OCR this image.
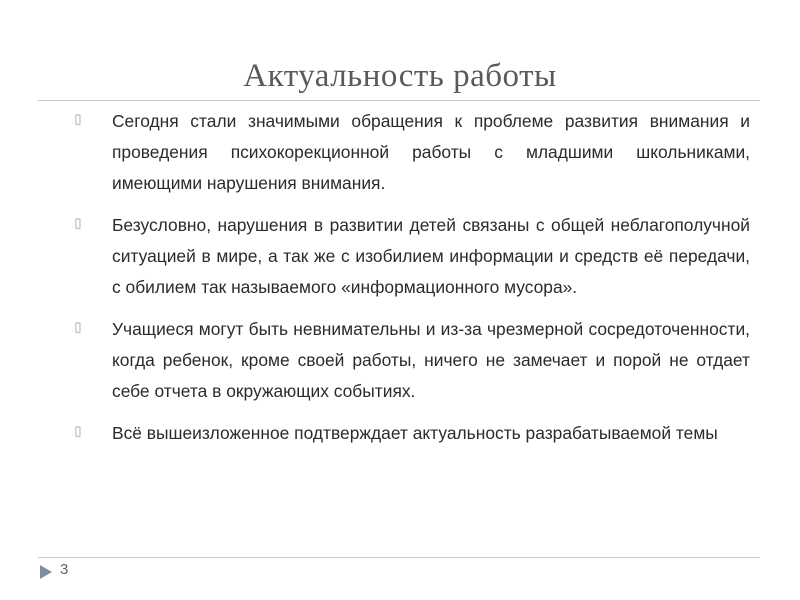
Актуальность работы
▯ Сегодня стали значимыми обращения к проблеме развития внимания и проведения психокорекционной работы с младшими школьниками, имеющими нарушения внимания.
▯ Безусловно, нарушения в развитии детей связаны с общей неблагополучной ситуацией в мире, а так же с изобилием информации и средств её передачи, с обилием так называемого «информационного мусора».
▯ Учащиеся могут быть невнимательны и из-за чрезмерной сосредоточенности, когда ребенок, кроме своей работы, ничего не замечает и порой не отдает себе отчета в окружающих событиях.
▯ Всё вышеизложенное подтверждает актуальность разрабатываемой темы
3
